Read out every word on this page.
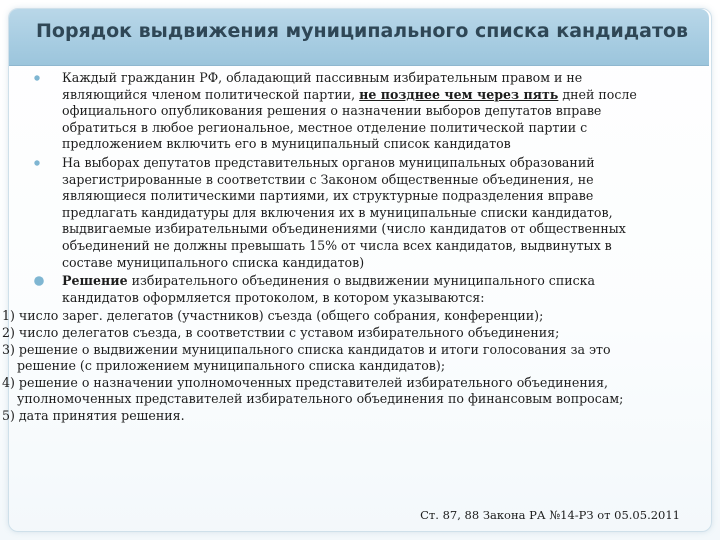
Порядок выдвижения муниципального списка кандидатов

Каждый гражданин РФ, обладающий пассивным избирательным правом и не являющийся членом политической партии, не позднее чем через пять дней после официального опубликования решения о назначении выборов депутатов вправе обратиться в любое региональное, местное отделение политической партии с предложением включить его в муниципальный список кандидатов

На выборах депутатов представительных органов муниципальных образований зарегистрированные в соответствии с Законом общественные объединения, не являющиеся политическими партиями, их структурные подразделения вправе предлагать кандидатуры для включения их в муниципальные списки кандидатов, выдвигаемые избирательными объединениями (число кандидатов от общественных объединений не должны превышать 15% от числа всех кандидатов, выдвинутых в составе муниципального списка кандидатов)

Решение избирательного объединения о выдвижении муниципального списка кандидатов оформляется протоколом, в котором указываются:

1) число зарег. делегатов (участников) съезда (общего собрания, конференции);

2) число делегатов съезда, в соответствии с уставом избирательного объединения;

3) решение о выдвижении муниципального списка кандидатов и итоги голосования за это решение (с приложением муниципального списка кандидатов);

4) решение о назначении уполномоченных представителей избирательного объединения, уполномоченных представителей избирательного объединения по финансовым вопросам;

5) дата принятия решения.

Ст. 87, 88 Закона РА №14-РЗ от 05.05.2011
